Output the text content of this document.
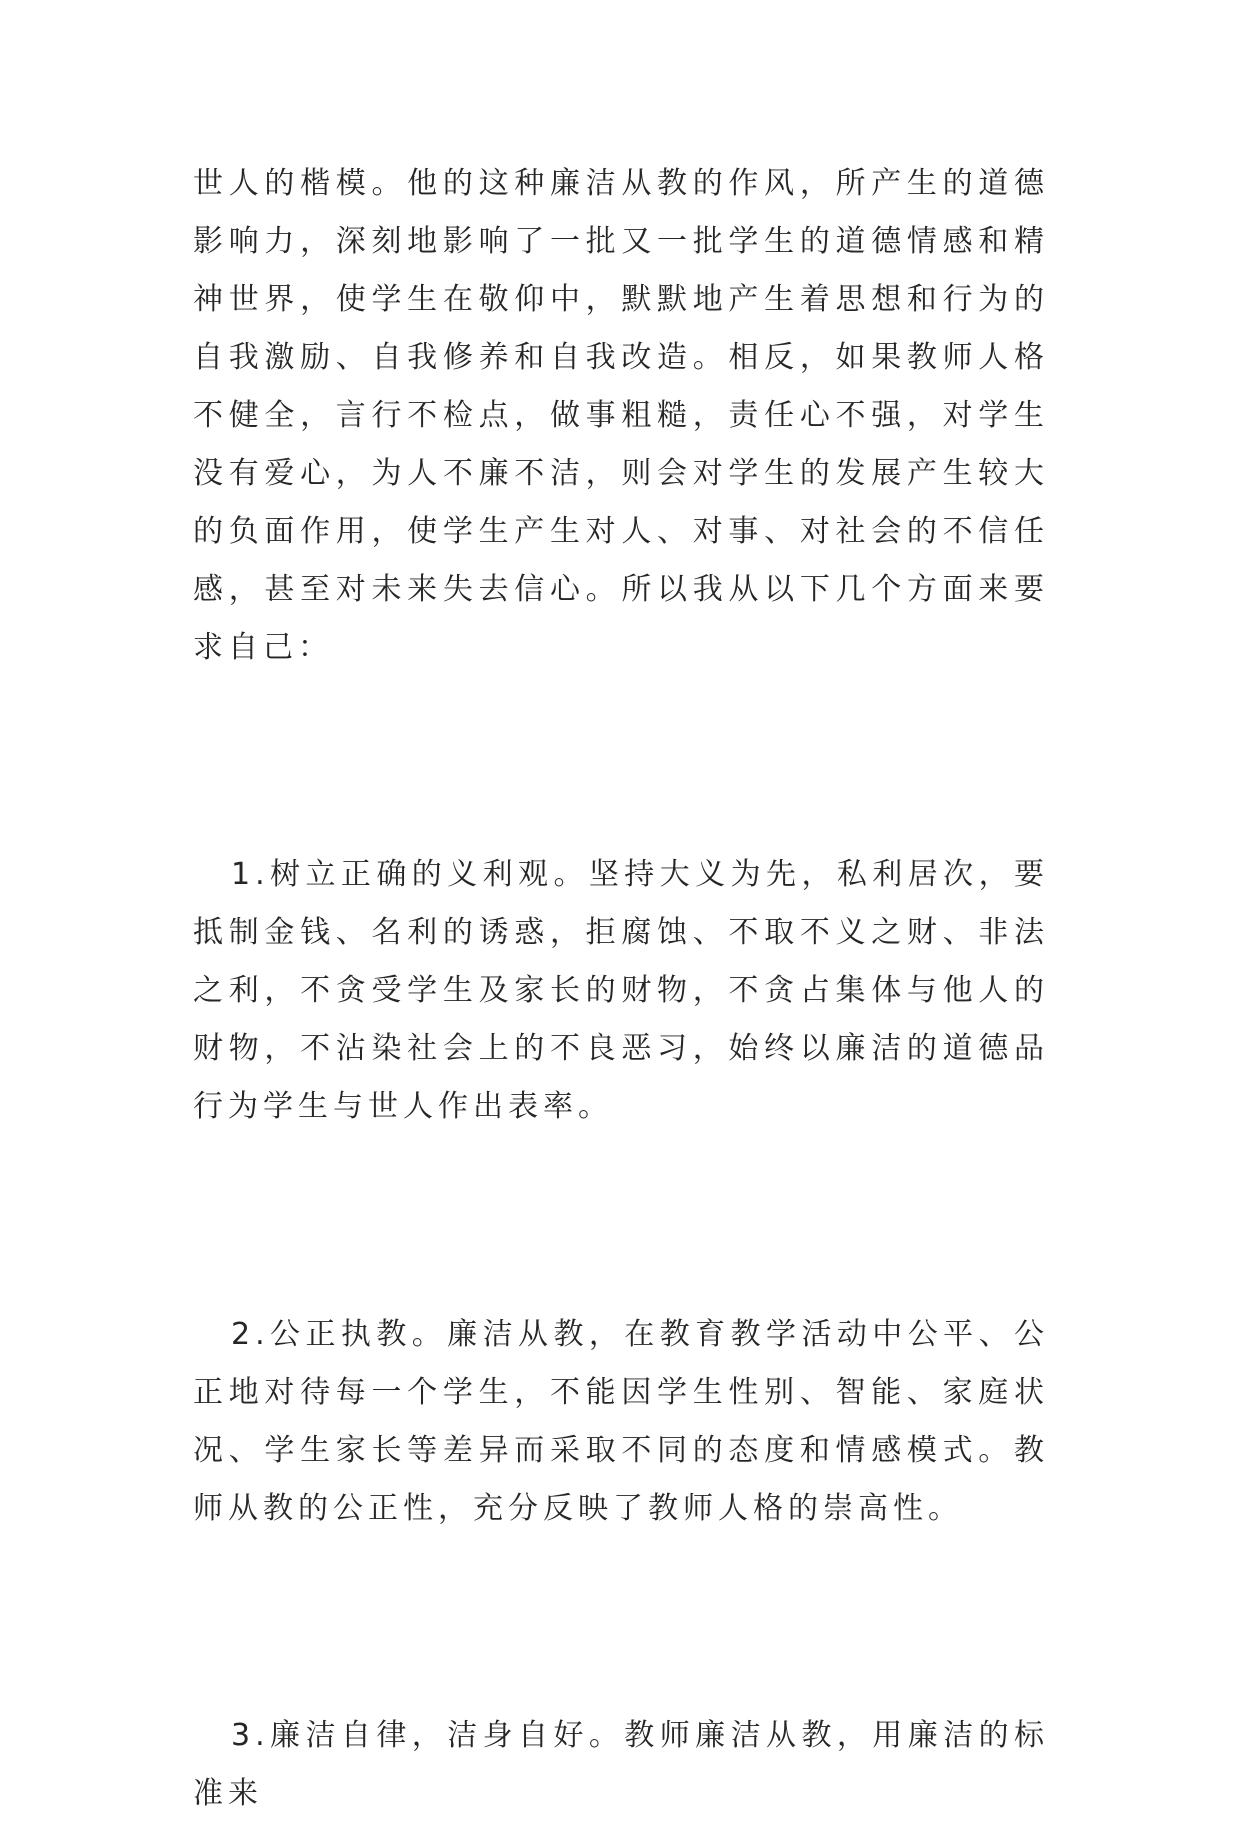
世人的楷模。他的这种廉洁从教的作风，所产生的道德影响力，深刻地影响了一批又一批学生的道德情感和精神世界，使学生在敬仰中，默默地产生着思想和行为的自我激励、自我修养和自我改造。相反，如果教师人格不健全，言行不检点，做事粗糙，责任心不强，对学生没有爱心，为人不廉不洁，则会对学生的发展产生较大的负面作用，使学生产生对人、对事、对社会的不信任感，甚至对未来失去信心。所以我从以下几个方面来要求自己：

1.树立正确的义利观。坚持大义为先，私利居次，要抵制金钱、名利的诱惑，拒腐蚀、不取不义之财、非法之利，不贪受学生及家长的财物，不贪占集体与他人的财物，不沾染社会上的不良恶习，始终以廉洁的道德品行为学生与世人作出表率。

2.公正执教。廉洁从教，在教育教学活动中公平、公正地对待每一个学生，不能因学生性别、智能、家庭状况、学生家长等差异而采取不同的态度和情感模式。教师从教的公正性，充分反映了教师人格的崇高性。

3.廉洁自律，洁身自好。教师廉洁从教，用廉洁的标准来
